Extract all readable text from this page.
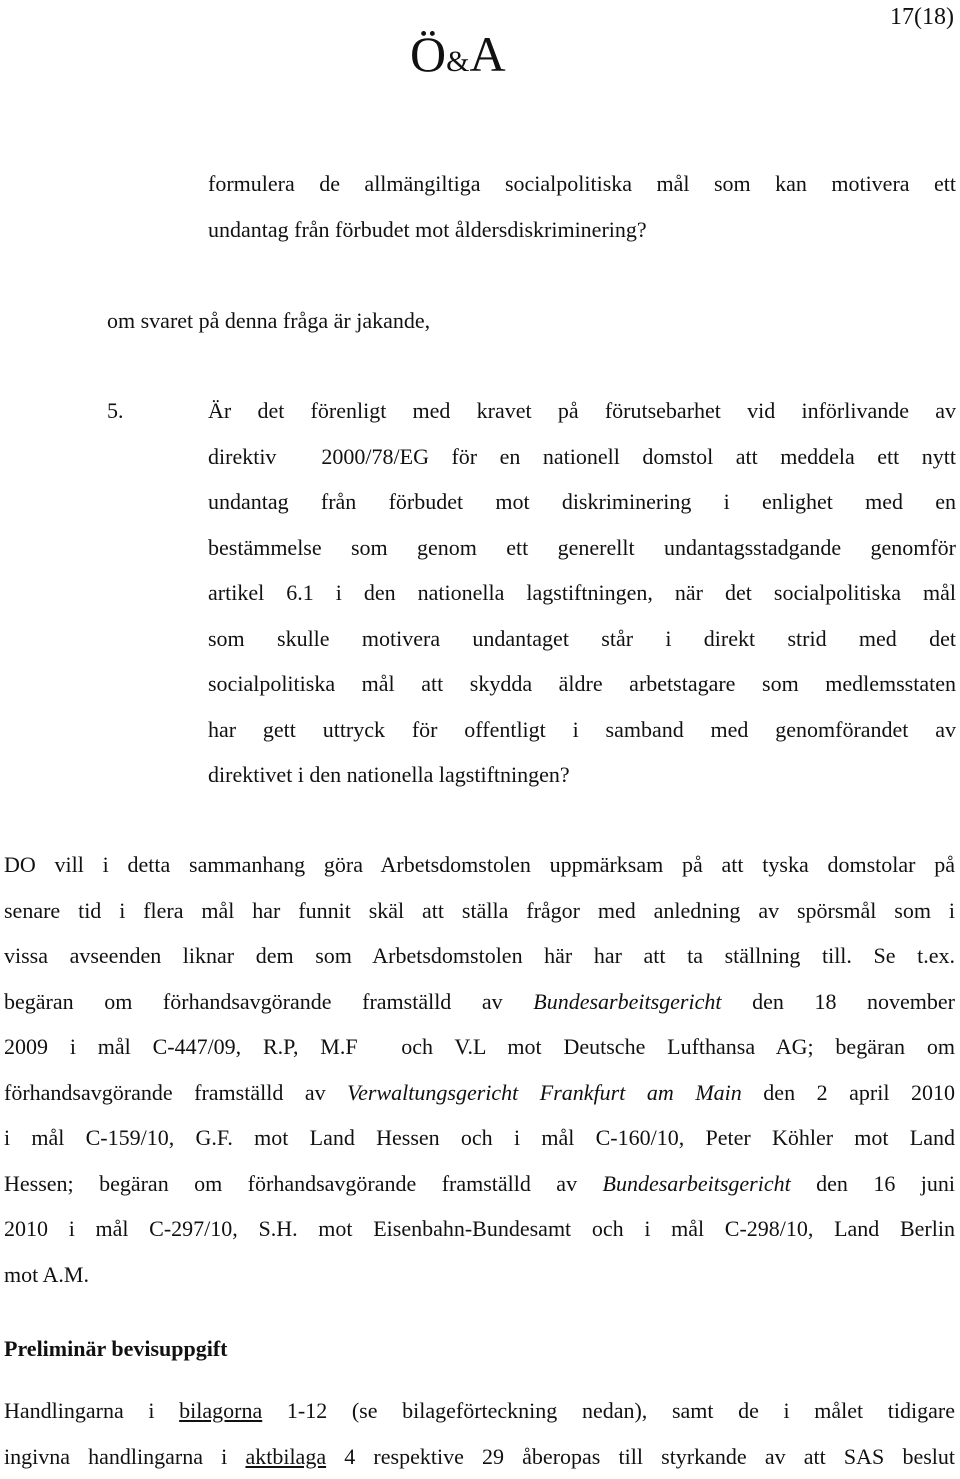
17(18)
Ö&A
formulera de allmängiltiga socialpolitiska mål som kan motivera ett
undantag från förbudet mot åldersdiskriminering?
om svaret på denna fråga är jakande,
5.	Är det förenligt med kravet på förutsebarhet vid införlivande av
direktiv  2000/78/EG för en nationell domstol att meddela ett nytt
undantag från förbudet mot diskriminering i enlighet med en
bestämmelse som genom ett generellt undantagsstadgande genomför
artikel 6.1 i den nationella lagstiftningen, när det socialpolitiska mål
som skulle motivera undantaget står i direkt strid med det
socialpolitiska mål att skydda äldre arbetstagare som medlemsstaten
har gett uttryck för offentligt i samband med genomförandet av
direktivet i den nationella lagstiftningen?
DO vill i detta sammanhang göra Arbetsdomstolen uppmärksam på att tyska domstolar på
senare tid i flera mål har funnit skäl att ställa frågor med anledning av spörsmål som i
vissa avseenden liknar dem som Arbetsdomstolen här har att ta ställning till. Se t.ex.
begäran om förhandsavgörande framställd av Bundesarbeitsgericht den 18 november
2009 i mål C-447/09, R.P, M.F  och V.L mot Deutsche Lufthansa AG; begäran om
förhandsavgörande framställd av Verwaltungsgericht Frankfurt am Main den 2 april 2010
i mål C-159/10, G.F. mot Land Hessen och i mål C-160/10, Peter Köhler mot Land
Hessen; begäran om förhandsavgörande framställd av Bundesarbeitsgericht den 16 juni
2010 i mål C-297/10, S.H. mot Eisenbahn-Bundesamt och i mål C-298/10, Land Berlin
mot A.M.
Preliminär bevisuppgift
Handlingarna i bilagorna 1-12 (se bilageförteckning nedan), samt de i målet tidigare
ingivna handlingarna i aktbilaga 4 respektive 29 åberopas till styrkande av att SAS beslut
